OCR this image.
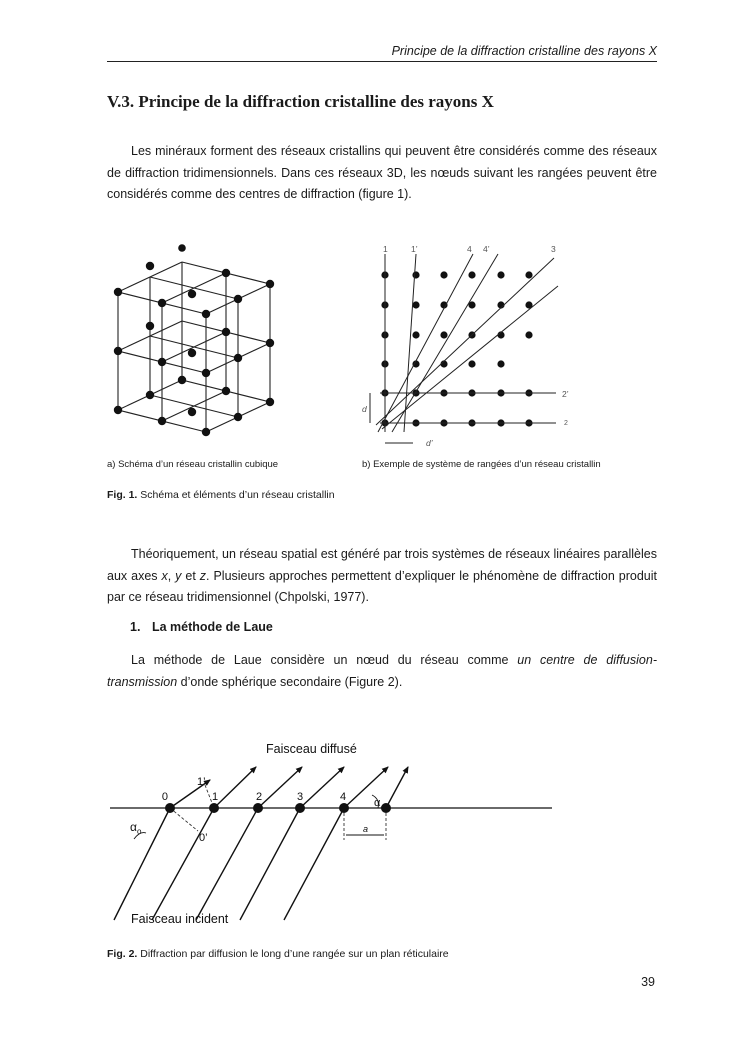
Principe de la diffraction cristalline des rayons X
V.3. Principe de la diffraction cristalline des rayons X

Les minéraux forment des réseaux cristallins qui peuvent être considérés comme des réseaux de diffraction tridimensionnels. Dans ces réseaux 3D, les nœuds suivant les rangées peuvent être considérés comme des centres de diffraction (figure 1).

1	1’	4 4’	3
2’
2
d
d’
a) Schéma d’un réseau cristallin cubique	b) Exemple de système de rangées d’un réseau cristallin
Fig. 1. Schéma et éléments d’un réseau cristallin

Théoriquement, un réseau spatial est généré par trois systèmes de réseaux linéaires parallèles aux axes x, y et z. Plusieurs approches permettent d’expliquer le phénomène de diffraction produit par ce réseau tridimensionnel (Chpolski, 1977).

1. La méthode de Laue

La méthode de Laue considère un nœud du réseau comme un centre de diffusion-transmission d’onde sphérique secondaire (Figure 2).

Faisceau diffusé
Faisceau incident
0	1	2	3	4
1’
0’
$\alpha_o$
α
a
Fig. 2. Diffraction par diffusion le long d’une rangée sur un plan réticulaire
39
